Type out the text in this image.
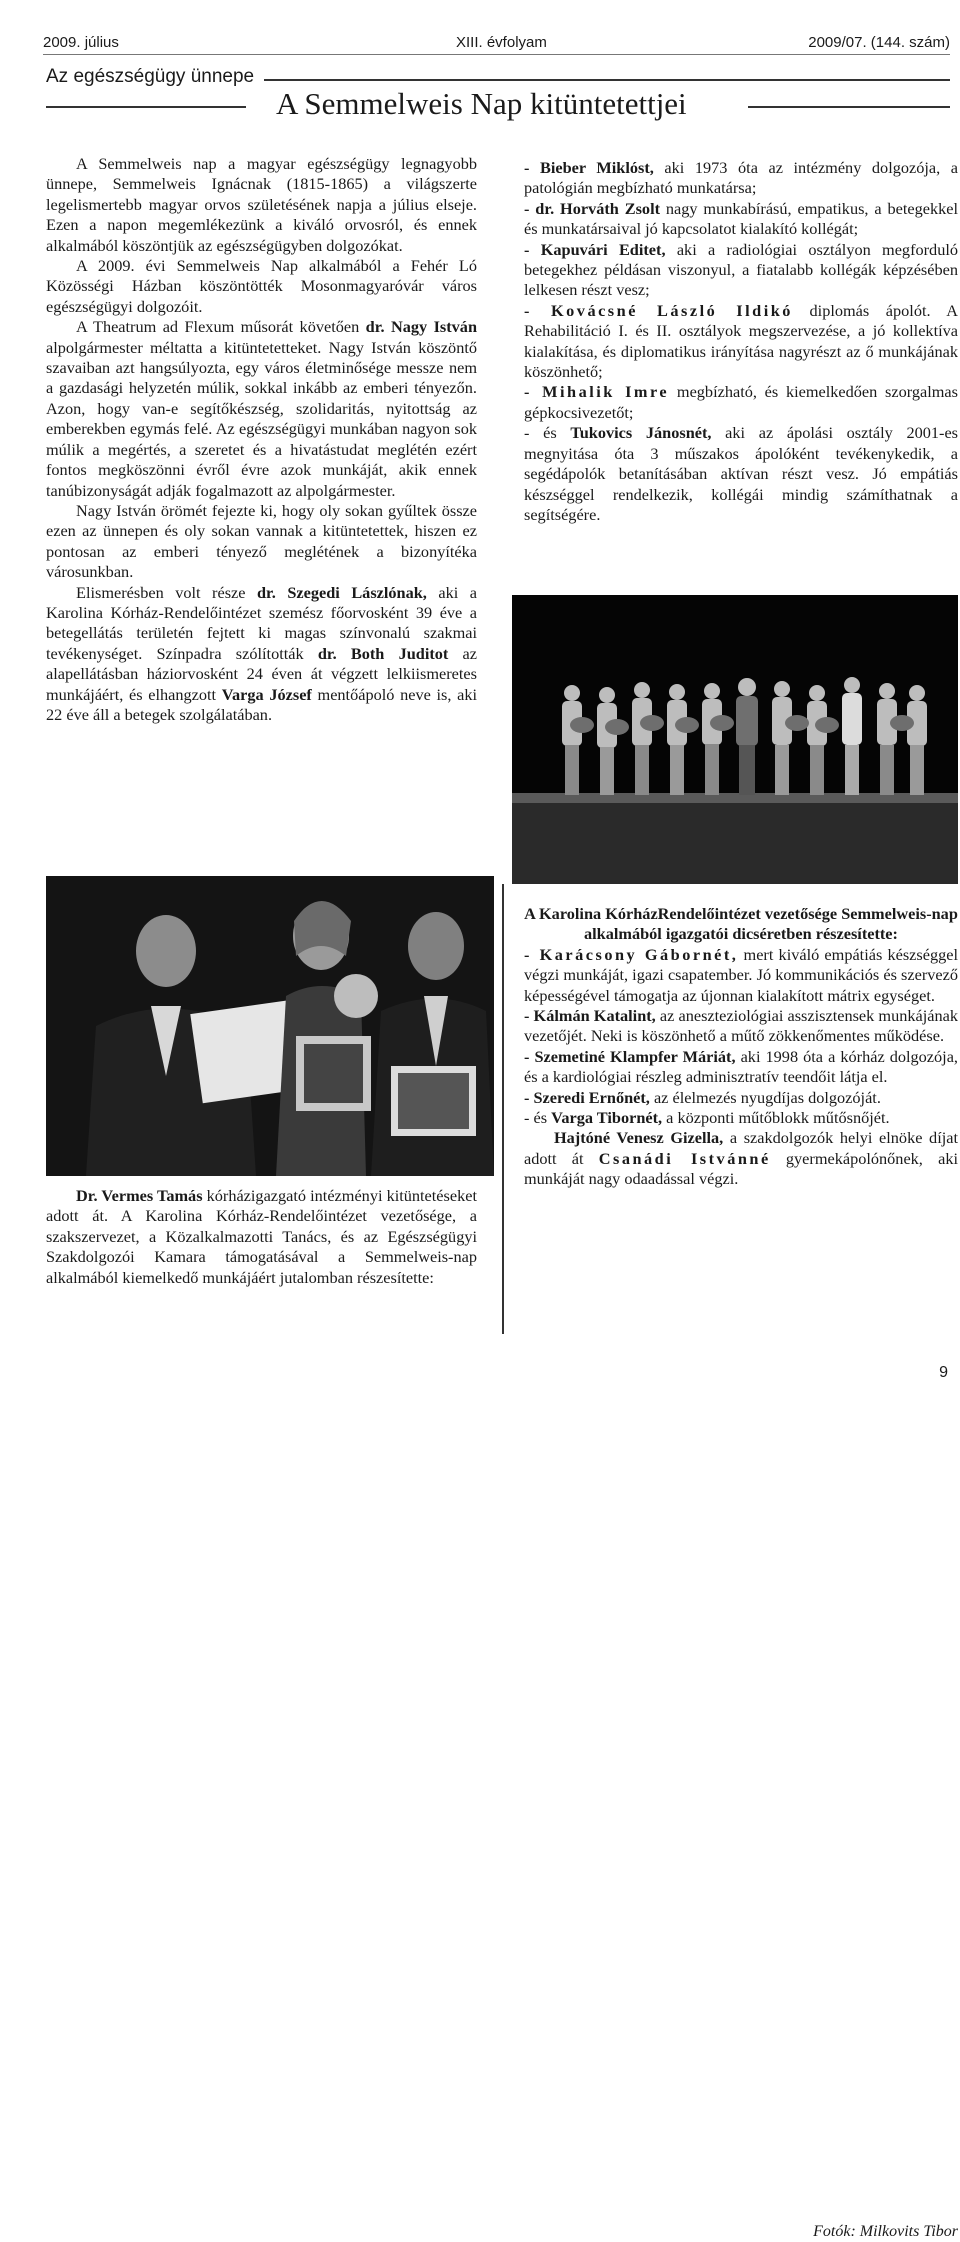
2009. július	XIII. évfolyam	2009/07. (144. szám)
Az egészségügy ünnepe
A Semmelweis Nap kitüntetettjei

A Semmelweis nap a magyar egészségügy legnagyobb ünnepe, Semmelweis Ignácnak (1815-1865) a világszerte legelismertebb magyar orvos születésének napja a július elseje. Ezen a napon megemlékezünk a kiváló orvosról, és ennek alkalmából köszöntjük az egészségügyben dolgozókat.

A 2009. évi Semmelweis Nap alkalmából a Fehér Ló Közösségi Házban köszöntötték Mosonmagyaróvár város egészségügyi dolgozóit.

A Theatrum ad Flexum műsorát követően dr. Nagy István alpolgármester méltatta a kitüntetetteket. Nagy István köszöntő szavaiban azt hangsúlyozta, egy város életminősége messze nem a gazdasági helyzetén múlik, sokkal inkább az emberi tényezőn. Azon, hogy van-e segítőkészség, szolidaritás, nyitottság az emberekben egymás felé. Az egészségügyi munkában nagyon sok múlik a megértés, a szeretet és a hivatástudat meglétén ezért fontos megköszönni évről évre azok munkáját, akik ennek tanúbizonyságát adják fogalmazott az alpolgármester.

Nagy István örömét fejezte ki, hogy oly sokan gyűltek össze ezen az ünnepen és oly sokan vannak a kitüntetettek, hiszen ez pontosan az emberi tényező meglétének a bizonyítéka városunkban.

Elismerésben volt része dr. Szegedi Lászlónak, aki a Karolina Kórház-Rendelőintézet szemész főorvosként 39 éve a betegellátás területén fejtett ki magas színvonalú szakmai tevékenységet. Színpadra szólították dr. Both Juditot az alapellátásban háziorvosként 24 éven át végzett lelkiismeretes munkájáért, és elhangzott Varga József mentőápoló neve is, aki 22 éve áll a betegek szolgálatában.

- Bieber Miklóst, aki 1973 óta az intézmény dolgozója, a patológián megbízható munkatársa;

- dr. Horváth Zsolt nagy munkabírású, empatikus, a betegekkel és munkatársaival jó kapcsolatot kialakító kollégát;

- Kapuvári Editet, aki a radiológiai osztályon megforduló betegekhez példásan viszonyul, a fiatalabb kollégák képzésében lelkesen részt vesz;

- Kovácsné László Ildikó diplomás ápolót. A Rehabilitáció I. és II. osztályok megszervezése, a jó kollektíva kialakítása, és diplomatikus irányítása nagyrészt az ő munkájának köszönhető;

- Mihalik Imre megbízható, és kiemelkedően szorgalmas gépkocsivezetőt;

- és Tukovics Jánosnét, aki az ápolási osztály 2001-es megnyitása óta 3 műszakos ápolóként tevékenykedik, a segédápolók betanításában aktívan részt vesz. Jó empátiás készséggel rendelkezik, kollégái mindig számíthatnak a segítségére.

Dr. Vermes Tamás kórházigazgató intézményi kitüntetéseket adott át. A Karolina Kórház-Rendelőintézet vezetősége, a szakszervezet, a Közalkalmazotti Tanács, és az Egészségügyi Szakdolgozói Kamara támogatásával a Semmelweis-nap alkalmából kiemelkedő munkájáért jutalomban részesítette:

A Karolina KórházRendelőintézet vezetősége Semmelweis-nap alkalmából igazgatói dicséretben részesítette:

- Karácsony Gábornét, mert kiváló empátiás készséggel végzi munkáját, igazi csapatember. Jó kommunikációs és szervező képességével támogatja az újonnan kialakított mátrix egységet.

- Kálmán Katalint, az aneszteziológiai asszisztensek munkájának vezetőjét. Neki is köszönhető a műtő zökkenőmentes működése.

- Szemetiné Klampfer Máriát, aki 1998 óta a kórház dolgozója, és a kardiológiai részleg adminisztratív teendőit látja el.

- Szeredi Ernőnét, az élelmezés nyugdíjas dolgozóját.

- és Varga Tibornét, a központi műtőblokk műtősnőjét.

Hajtóné Venesz Gizella, a szakdolgozók helyi elnöke díjat adott át Csanádi Istvánné gyermekápolónőnek, aki munkáját nagy odaadással végzi.

Fotók: Milkovits Tibor
9
